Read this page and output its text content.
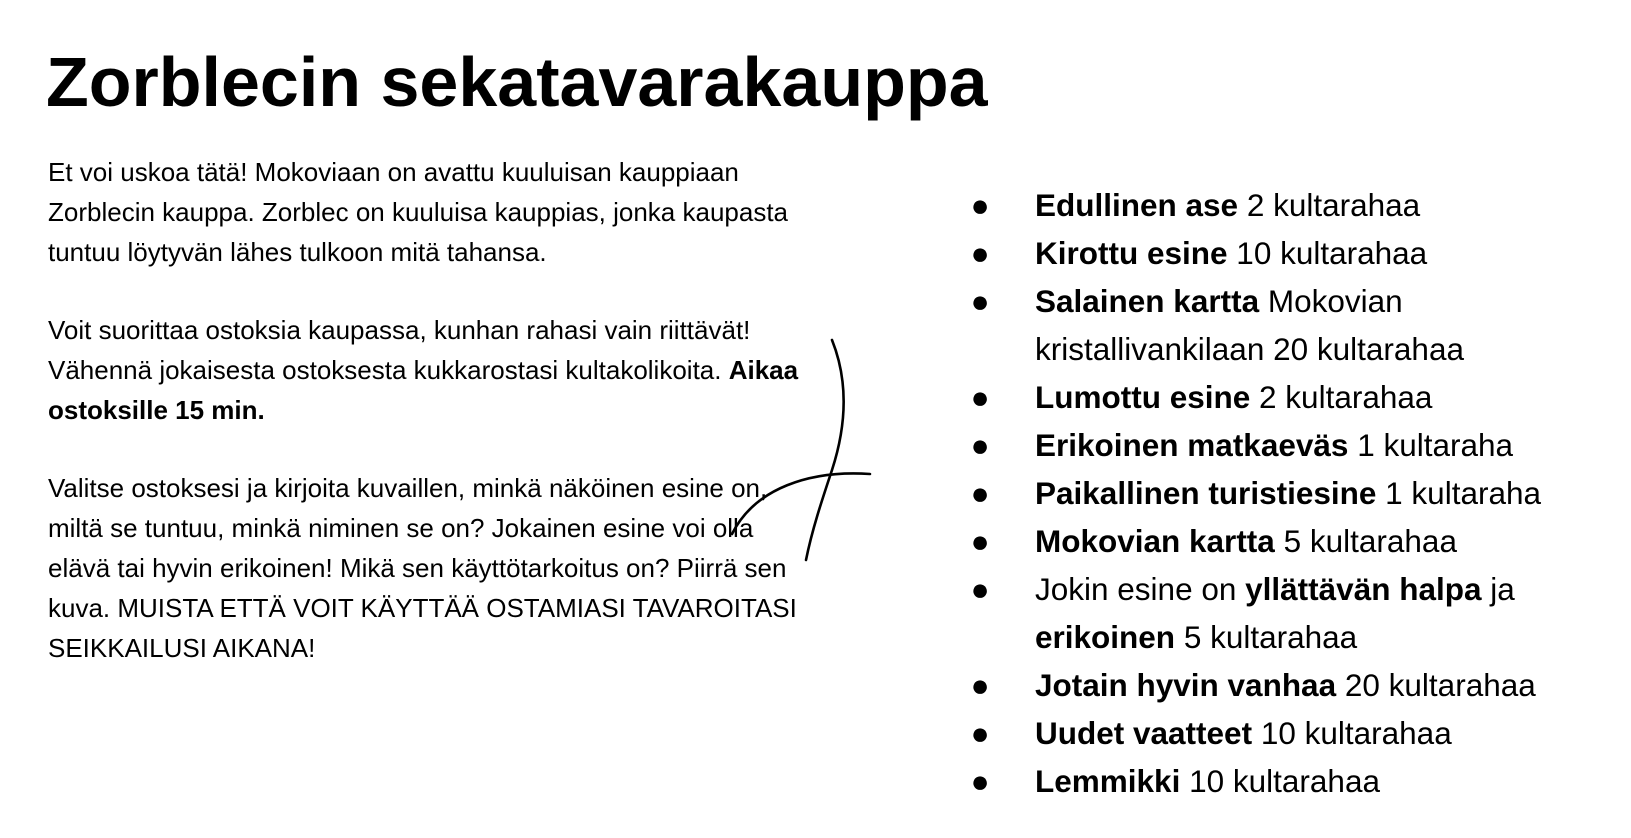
Zorblecin sekatavarakauppa

Et voi uskoa tätä! Mokoviaan on avattu kuuluisan kauppiaan Zorblecin kauppa. Zorblec on kuuluisa kauppias, jonka kaupasta tuntuu löytyvän lähes tulkoon mitä tahansa.

Voit suorittaa ostoksia kaupassa, kunhan rahasi vain riittävät! Vähennä jokaisesta ostoksesta kukkarostasi kultakolikoita. Aikaa ostoksille 15 min.

Valitse ostoksesi ja kirjoita kuvaillen, minkä näköinen esine on, miltä se tuntuu, minkä niminen se on? Jokainen esine voi olla elävä tai hyvin erikoinen! Mikä sen käyttötarkoitus on? Piirrä sen kuva. MUISTA ETTÄ VOIT KÄYTTÄÄ OSTAMIASI TAVAROITASI SEIKKAILUSI AIKANA!

● Edullinen ase 2 kultarahaa
● Kirottu esine 10 kultarahaa
● Salainen kartta Mokovian kristallivankilaan 20 kultarahaa
● Lumottu esine 2 kultarahaa
● Erikoinen matkaeväs 1 kultaraha
● Paikallinen turistiesine 1 kultaraha
● Mokovian kartta 5 kultarahaa
● Jokin esine on yllättävän halpa ja erikoinen 5 kultarahaa
● Jotain hyvin vanhaa 20 kultarahaa
● Uudet vaatteet 10 kultarahaa
● Lemmikki 10 kultarahaa
